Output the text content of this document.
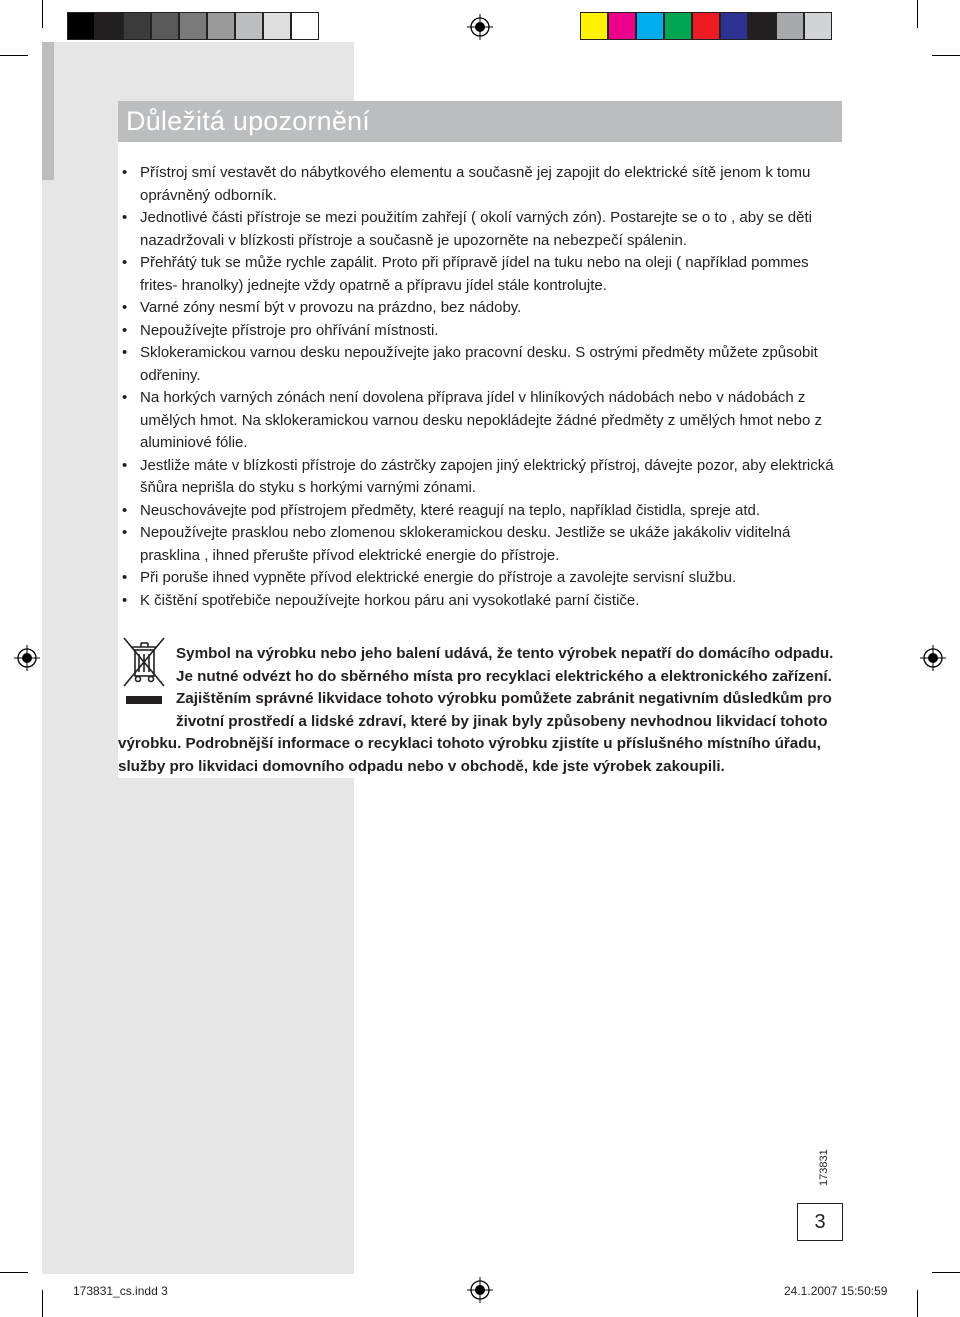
Důležitá upozornění
• Přístroj smí vestavět do nábytkového elementu a současně jej zapojit do elektrické sítě jenom k tomu oprávněný odborník.
• Jednotlivé části přístroje se mezi použitím zahřejí ( okolí varných zón). Postarejte se o to , aby se děti nazadržovali v blízkosti přístroje a současně je upozorněte na nebezpečí spálenin.
• Přehřátý tuk se může rychle zapálit. Proto při přípravě jídel na tuku nebo na oleji ( například pommes frites- hranolky) jednejte vždy opatrně a přípravu jídel stále kontrolujte.
• Varné zóny nesmí být v provozu na prázdno, bez nádoby.
• Nepoužívejte přístroje pro ohřívání místnosti.
• Sklokeramickou varnou desku nepoužívejte jako pracovní desku. S ostrými předměty můžete způsobit odřeniny.
• Na horkých varných zónách není dovolena příprava jídel v hliníkových nádobách nebo v nádobách z umělých hmot. Na sklokeramickou varnou desku nepokládejte žádné předměty z umělých hmot nebo z aluminiové fólie.
• Jestliže máte v blízkosti přístroje do zástrčky zapojen jiný elektrický přístroj, dávejte pozor, aby elektrická šňůra neprišla do styku s horkými varnými zónami.
• Neuschovávejte pod přístrojem předměty, které reagují na teplo, například čistidla, spreje atd.
• Nepoužívejte prasklou nebo zlomenou sklokeramickou desku. Jestliže se ukáže jakákoliv viditelná prasklina , ihned přerušte přívod elektrické energie do přístroje.
• Při poruše ihned vypněte přívod elektrické energie do přístroje a zavolejte servisní službu.
• K čištění spotřebiče nepoužívejte horkou páru ani vysokotlaké parní čističe.
Symbol na výrobku nebo jeho balení udává, že tento výrobek nepatří do domácího odpadu. Je nutné odvézt ho do sběrného místa pro recyklaci elektrického a elektronického zařízení. Zajištěním správné likvidace tohoto výrobku pomůžete zabránit negativním důsledkům pro životní prostředí a lidské zdraví, které by jinak byly způsobeny nevhodnou likvidací tohoto výrobku. Podrobnější informace o recyklaci tohoto výrobku zjistíte u příslušného místního úřadu, služby pro likvidaci domovního odpadu nebo v obchodě, kde jste výrobek zakoupili.
173831
3
173831_cs.indd 3	24.1.2007 15:50:59
